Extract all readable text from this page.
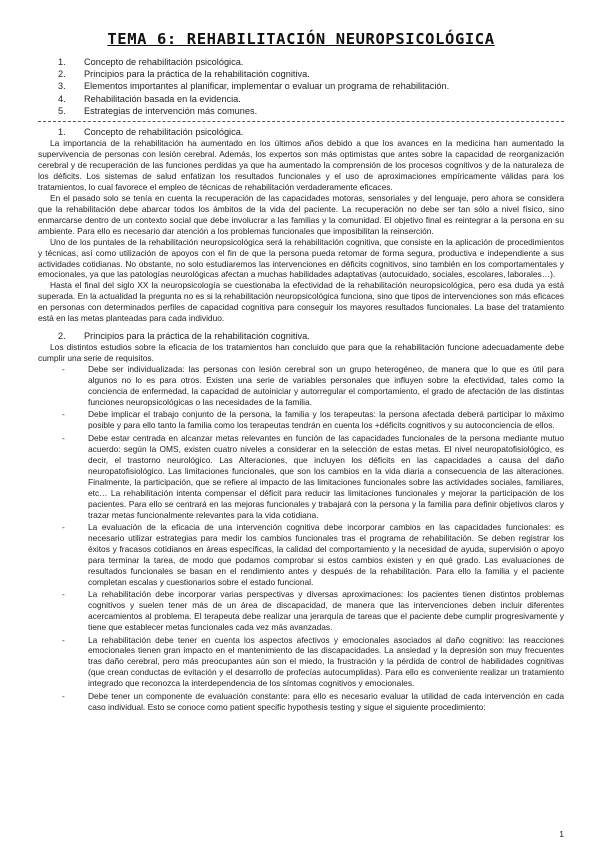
TEMA 6: REHABILITACIÓN NEUROPSICOLÓGICA
1.	Concepto de rehabilitación psicológica.
2.	Principios para la práctica de la rehabilitación cognitiva.
3.	Elementos importantes al planificar, implementar o evaluar un programa de rehabilitación.
4.	Rehabilitación basada en la evidencia.
5.	Estrategias de intervención más comunes.
1.	Concepto de rehabilitación psicológica.

La importancia de la rehabilitación ha aumentado en los últimos años debido a que los avances en la medicina han aumentado la supervivencia de personas con lesión cerebral. Además, los expertos son más optimistas que antes sobre la capacidad de reorganización cerebral y de recuperación de las funciones perdidas ya que ha aumentado la comprensión de los procesos cognitivos y de la naturaleza de los déficits. Los sistemas de salud enfatizan los resultados funcionales y el uso de aproximaciones empíricamente válidas para los tratamientos, lo cual favorece el empleo de técnicas de rehabilitación verdaderamente eficaces.

En el pasado solo se tenía en cuenta la recuperación de las capacidades motoras, sensoriales y del lenguaje, pero ahora se considera que la rehabilitación debe abarcar todos los ámbitos de la vida del paciente. La recuperación no debe ser tan sólo a nivel físico, sino enmarcarse dentro de un contexto social que debe involucrar a las familias y la comunidad. El objetivo final es reintegrar a la persona en su ambiente. Para ello es necesario dar atención a los problemas funcionales que imposibilitan la reinserción.

Uno de los puntales de la rehabilitación neuropsicológica será la rehabilitación cognitiva, que consiste en la aplicación de procedimientos y técnicas, así como utilización de apoyos con el fin de que la persona pueda retomar de forma segura, productiva e independiente a sus actividades cotidianas. No obstante, no solo estudiaremos las intervenciones en déficits cognitivos, sino también en los comportamentales y emocionales, ya que las patologías neurológicas afectan a muchas habilidades adaptativas (autocuidado, sociales, escolares, laborales…).

Hasta el final del siglo XX la neuropsicología se cuestionaba la efectividad de la rehabilitación neuropsicológica, pero esa duda ya está superada. En la actualidad la pregunta no es si la rehabilitación neuropsicológica funciona, sino que tipos de intervenciones son más eficaces en personas con determinados perfiles de capacidad cognitiva para conseguir los mayores resultados funcionales. La base del tratamiento está en las metas planteadas para cada individuo.

2.	Principios para la práctica de la rehabilitación cognitiva.

Los distintos estudios sobre la eficacia de los tratamientos han concluido que para que la rehabilitación funcione adecuadamente debe cumplir una serie de requisitos.

-	Debe ser individualizada: las personas con lesión cerebral son un grupo heterogéneo, de manera que lo que es útil para algunos no lo es para otros. Existen una serie de variables personales que influyen sobre la efectividad, tales como la conciencia de enfermedad, la capacidad de autoiniciar y autorregular el comportamiento, el grado de afectación de las distintas funciones neuropsicológicas o las necesidades de la familia.
-	Debe implicar el trabajo conjunto de la persona, la familia y los terapeutas: la persona afectada deberá participar lo máximo posible y para ello tanto la familia como los terapeutas tendrán en cuenta los +déficits cognitivos y su autoconciencia de ellos.
-	Debe estar centrada en alcanzar metas relevantes en función de las capacidades funcionales de la persona mediante mutuo acuerdo: según la OMS, existen cuatro niveles a considerar en la selección de estas metas. El nivel neuropatofisiológico, es decir, el trastorno neurológico. Las Alteraciones, que incluyen los déficits en las capacidades a causa del daño neuropatofisiológico. Las limitaciones funcionales, que son los cambios en la vida diaria a consecuencia de las alteraciones. Finalmente, la participación, que se refiere al impacto de las limitaciones funcionales sobre las actividades sociales, familiares, etc… La rehabilitación intenta compensar el déficit para reducir las limitaciones funcionales y mejorar la participación de los pacientes. Para ello se centrará en las mejoras funcionales y trabajará con la persona y la familia para definir objetivos claros y trazar metas funcionalmente relevantes para la vida cotidiana.
-	La evaluación de la eficacia de una intervención cognitiva debe incorporar cambios en las capacidades funcionales: es necesario utilizar estrategias para medir los cambios funcionales tras el programa de rehabilitación. Se deben registrar los éxitos y fracasos cotidianos en áreas específicas, la calidad del comportamiento y la necesidad de ayuda, supervisión o apoyo para terminar la tarea, de modo que podamos comprobar si estos cambios existen y en qué grado. Las evaluaciones de resultados funcionales se basan en el rendimiento antes y después de la rehabilitación. Para ello la familia y el paciente completan escalas y cuestionarios sobre el estado funcional.
-	La rehabilitación debe incorporar varias perspectivas y diversas aproximaciones: los pacientes tienen distintos problemas cognitivos y suelen tener más de un área de discapacidad, de manera que las intervenciones deben incluir diferentes acercamientos al problema. El terapeuta debe realizar una jerarquía de tareas que el paciente debe cumplir progresivamente y tiene que establecer metas funcionales cada vez más avanzadas.
-	La rehabilitación debe tener en cuenta los aspectos afectivos y emocionales asociados al daño cognitivo: las reacciones emocionales tienen gran impacto en el mantenimiento de las discapacidades. La ansiedad y la depresión son muy frecuentes tras daño cerebral, pero más preocupantes aún son el miedo, la frustración y la pérdida de control de habilidades cognitivas (que crean conductas de evitación y el desarrollo de profecías autocumplidas). Para ello es conveniente realizar un tratamiento integrado que reconozca la interdependencia de los síntomas cognitivos y emocionales.
-	Debe tener un componente de evaluación constante: para ello es necesario evaluar la utilidad de cada intervención en cada caso individual. Esto se conoce como patient specific hypothesis testing y sigue el siguiente procedimiento:
1
